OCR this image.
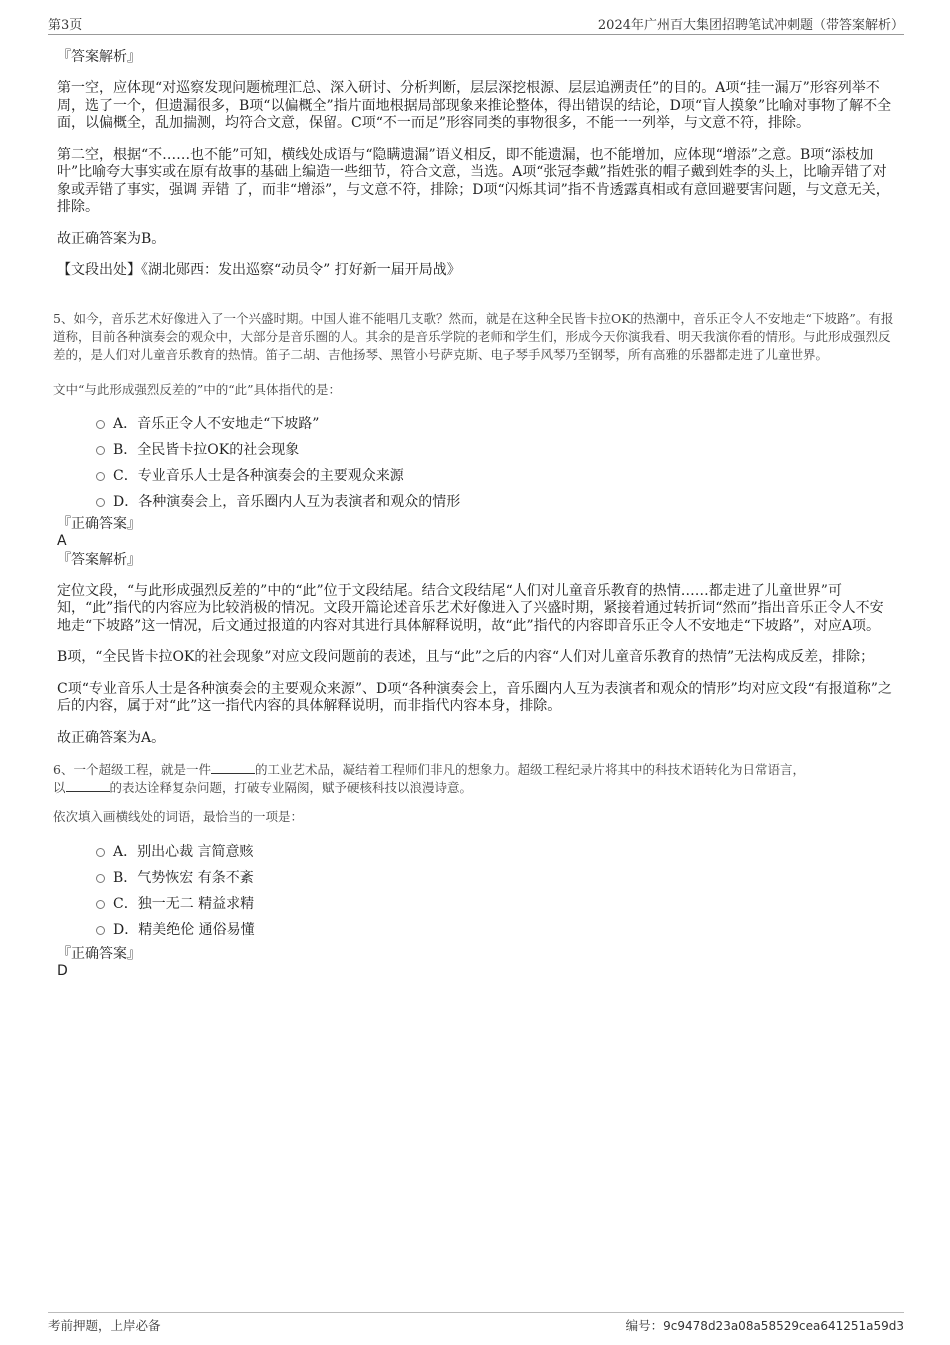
第3页	2024年广州百大集团招聘笔试冲刺题（带答案解析）

『答案解析』

第一空，应体现“对巡察发现问题梳理汇总、深入研讨、分析判断，层层深挖根源、层层追溯责任”的目的。A项“挂一漏万”形容列举不周，选了一个，但遗漏很多，B项“以偏概全”指片面地根据局部现象来推论整体，得出错误的结论，D项“盲人摸象”比喻对事物了解不全面，以偏概全，乱加揣测，均符合文意，保留。C项“不一而足”形容同类的事物很多，不能一一列举，与文意不符，排除。

第二空，根据“不……也不能”可知，横线处成语与“隐瞒遗漏”语义相反，即不能遗漏，也不能增加，应体现“增添”之意。B项“添枝加叶”比喻夸大事实或在原有故事的基础上编造一些细节，符合文意，当选。A项“张冠李戴”指姓张的帽子戴到姓李的头上，比喻弄错了对象或弄错了事实，强调 弄错 了，而非“增添”，与文意不符，排除；D项“闪烁其词”指不肯透露真相或有意回避要害问题，与文意无关，排除。

故正确答案为B。

【文段出处】《湖北郧西：发出巡察“动员令” 打好新一届开局战》

5、如今，音乐艺术好像进入了一个兴盛时期。中国人谁不能唱几支歌？然而，就是在这种全民皆卡拉OK的热潮中，音乐正令人不安地走“下坡路”。有报道称，目前各种演奏会的观众中，大部分是音乐圈的人。其余的是音乐学院的老师和学生们，形成今天你演我看、明天我演你看的情形。与此形成强烈反差的，是人们对儿童音乐教育的热情。笛子二胡、吉他扬琴、黑管小号萨克斯、电子琴手风琴乃至钢琴，所有高雅的乐器都走进了儿童世界。

文中“与此形成强烈反差的”中的“此”具体指代的是：

A．音乐正令人不安地走“下坡路”
B．全民皆卡拉OK的社会现象
C．专业音乐人士是各种演奏会的主要观众来源
D．各种演奏会上，音乐圈内人互为表演者和观众的情形

『正确答案』

A

『答案解析』

定位文段，“与此形成强烈反差的”中的“此”位于文段结尾。结合文段结尾“人们对儿童音乐教育的热情……都走进了儿童世界”可知，“此”指代的内容应为比较消极的情况。文段开篇论述音乐艺术好像进入了兴盛时期，紧接着通过转折词“然而”指出音乐正令人不安地走“下坡路”这一情况，后文通过报道的内容对其进行具体解释说明，故“此”指代的内容即音乐正令人不安地走“下坡路”，对应A项。

B项，“全民皆卡拉OK的社会现象”对应文段问题前的表述，且与“此”之后的内容“人们对儿童音乐教育的热情”无法构成反差，排除；

C项“专业音乐人士是各种演奏会的主要观众来源”、D项“各种演奏会上，音乐圈内人互为表演者和观众的情形”均对应文段“有报道称”之后的内容，属于对“此”这一指代内容的具体解释说明，而非指代内容本身，排除。

故正确答案为A。

6、一个超级工程，就是一件	的工业艺术品，凝结着工程师们非凡的想象力。超级工程纪录片将其中的科技术语转化为日常语言，
以	的表达诠释复杂问题，打破专业隔阂，赋予硬核科技以浪漫诗意。

依次填入画横线处的词语，最恰当的一项是：

A．别出心裁 言简意赅
B．气势恢宏 有条不紊
C．独一无二 精益求精
D．精美绝伦 通俗易懂

『正确答案』

D

考前押题，上岸必备	编号：9c9478d23a08a58529cea641251a59d3
